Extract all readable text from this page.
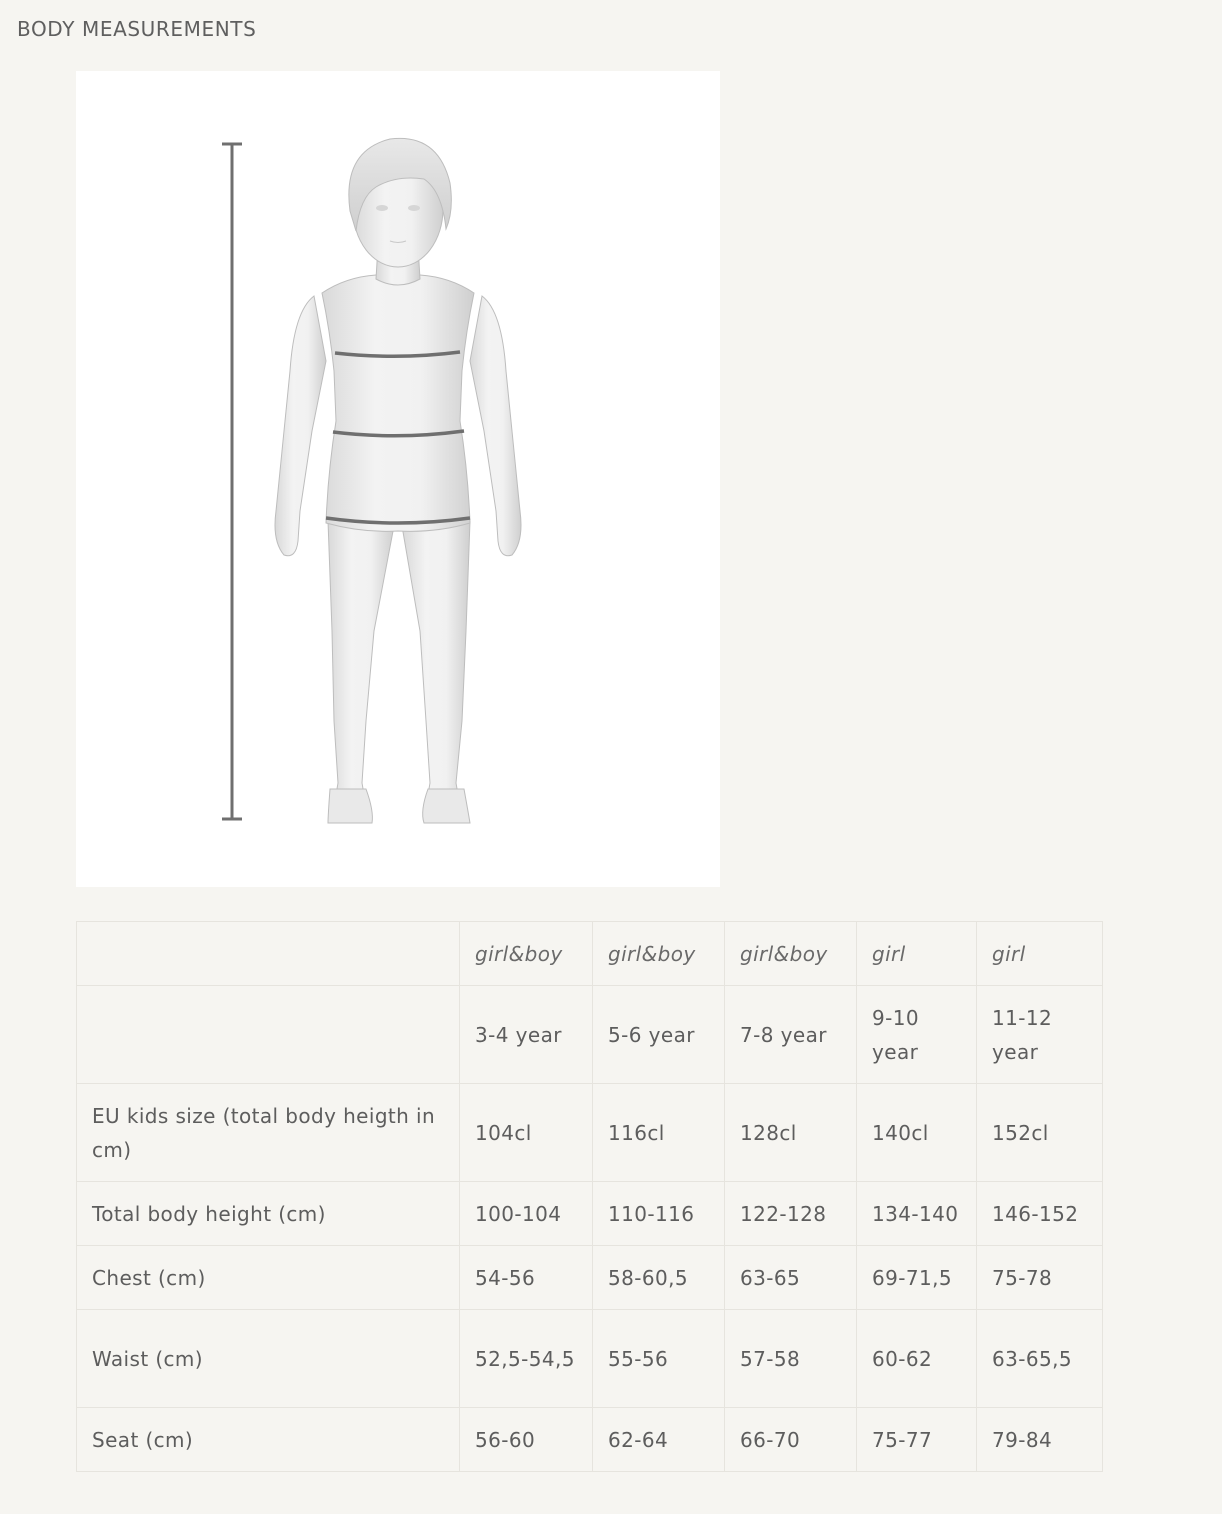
BODY MEASUREMENTS
	girl&boy	girl&boy	girl&boy	girl	girl
	3-4 year	5-6 year	7-8 year	9-10 year	11-12 year
EU kids size (total body heigth in cm)	104cl	116cl	128cl	140cl	152cl
Total body height (cm)	100-104	110-116	122-128	134-140	146-152
Chest (cm)	54-56	58-60,5	63-65	69-71,5	75-78
Waist (cm)	52,5-54,5	55-56	57-58	60-62	63-65,5
Seat (cm)	56-60	62-64	66-70	75-77	79-84
